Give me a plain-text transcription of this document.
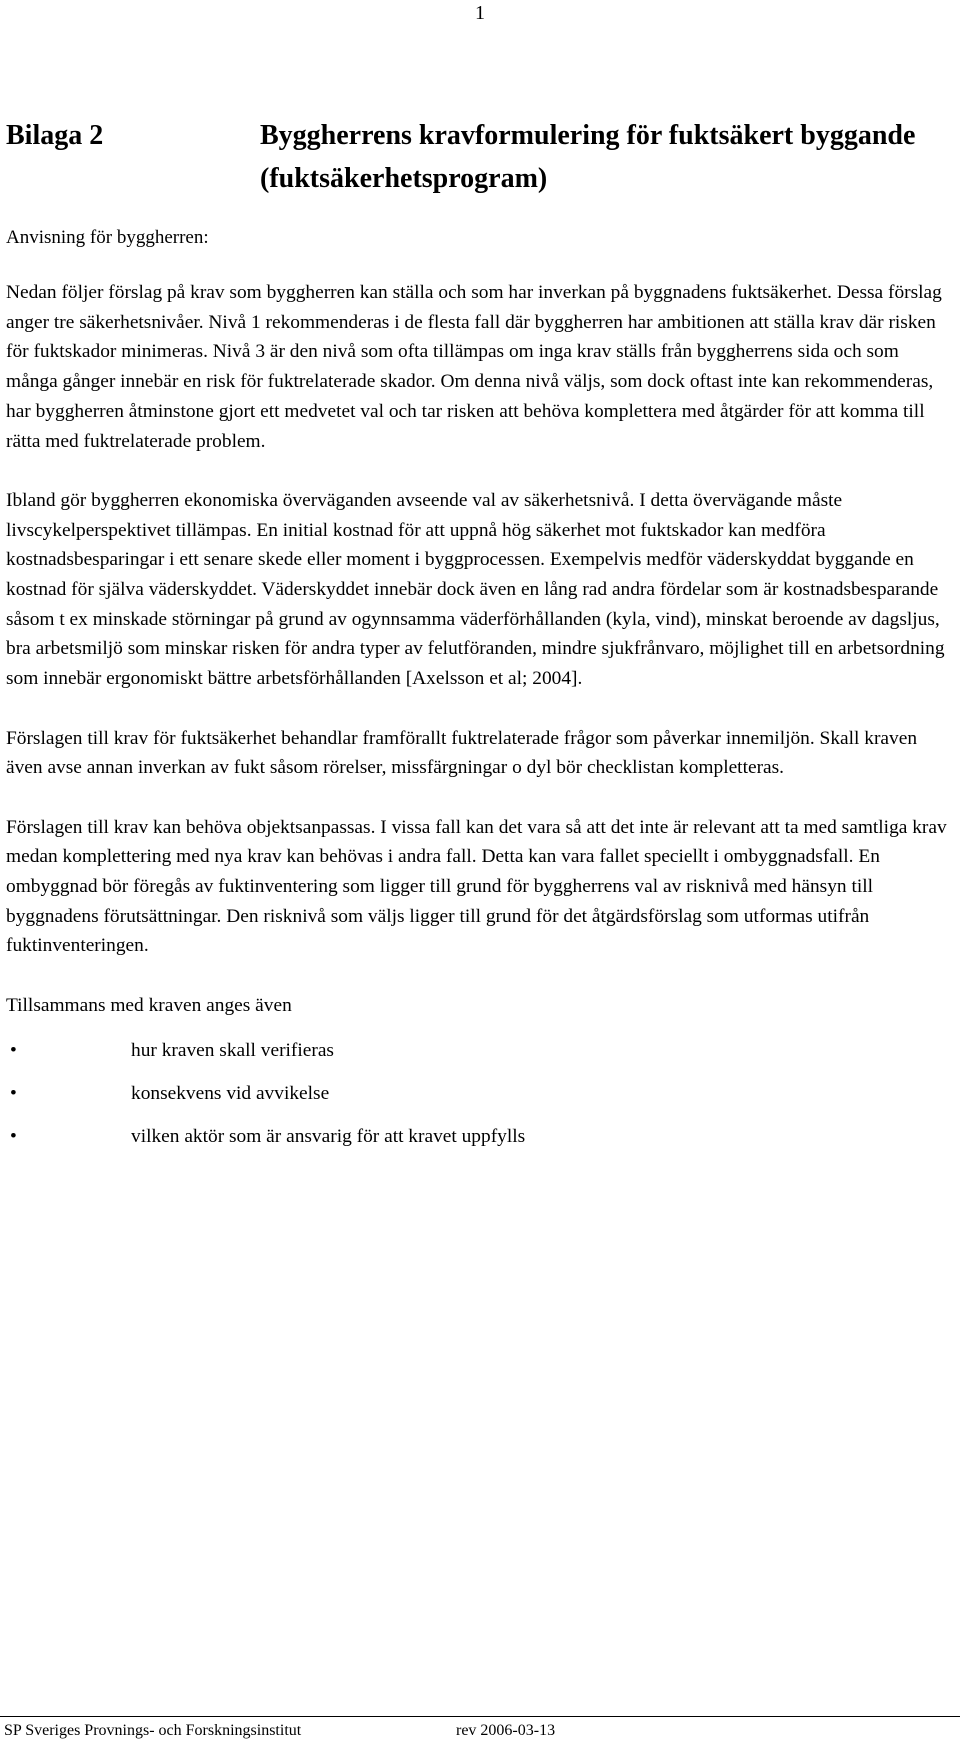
1
Bilaga 2	Byggherrens kravformulering för fuktsäkert byggande (fuktsäkerhetsprogram)
Anvisning för byggherren:

Nedan följer förslag på krav som byggherren kan ställa och som har inverkan på byggnadens fuktsäkerhet. Dessa förslag anger tre säkerhetsnivåer. Nivå 1 rekommenderas i de flesta fall där byggherren har ambitionen att ställa krav där risken för fuktskador minimeras. Nivå 3 är den nivå som ofta tillämpas om inga krav ställs från byggherrens sida och som många gånger innebär en risk för fuktrelaterade skador. Om denna nivå väljs, som dock oftast inte kan rekommenderas, har byggherren åtminstone gjort ett medvetet val och tar risken att behöva komplettera med åtgärder för att komma till rätta med fuktrelaterade problem.

Ibland gör byggherren ekonomiska överväganden avseende val av säkerhetsnivå. I detta övervägande måste livscykelperspektivet tillämpas. En initial kostnad för att uppnå hög säkerhet mot fuktskador kan medföra kostnadsbesparingar i ett senare skede eller moment i byggprocessen. Exempelvis medför väderskyddat byggande en kostnad för själva väderskyddet. Väderskyddet innebär dock även en lång rad andra fördelar som är kostnadsbesparande såsom t ex minskade störningar på grund av ogynnsamma väderförhållanden (kyla, vind), minskat beroende av dagsljus, bra arbetsmiljö som minskar risken för andra typer av felutföranden, mindre sjukfrånvaro, möjlighet till en arbetsordning som innebär ergonomiskt bättre arbetsförhållanden [Axelsson et al; 2004].

Förslagen till krav för fuktsäkerhet behandlar framförallt fuktrelaterade frågor som påverkar innemiljön. Skall kraven även avse annan inverkan av fukt såsom rörelser, missfärgningar o dyl bör checklistan kompletteras.

Förslagen till krav kan behöva objektsanpassas. I vissa fall kan det vara så att det inte är relevant att ta med samtliga krav medan komplettering med nya krav kan behövas i andra fall. Detta kan vara fallet speciellt i ombyggnadsfall. En ombyggnad bör föregås av fuktinventering som ligger till grund för byggherrens val av risknivå med hänsyn till byggnadens förutsättningar. Den risknivå som väljs ligger till grund för det åtgärdsförslag som utformas utifrån fuktinventeringen.

Tillsammans med kraven anges även

•	hur kraven skall verifieras
•	konsekvens vid avvikelse
•	vilken aktör som är ansvarig för att kravet uppfylls
SP Sveriges Provnings- och Forskningsinstitut	rev 2006-03-13
